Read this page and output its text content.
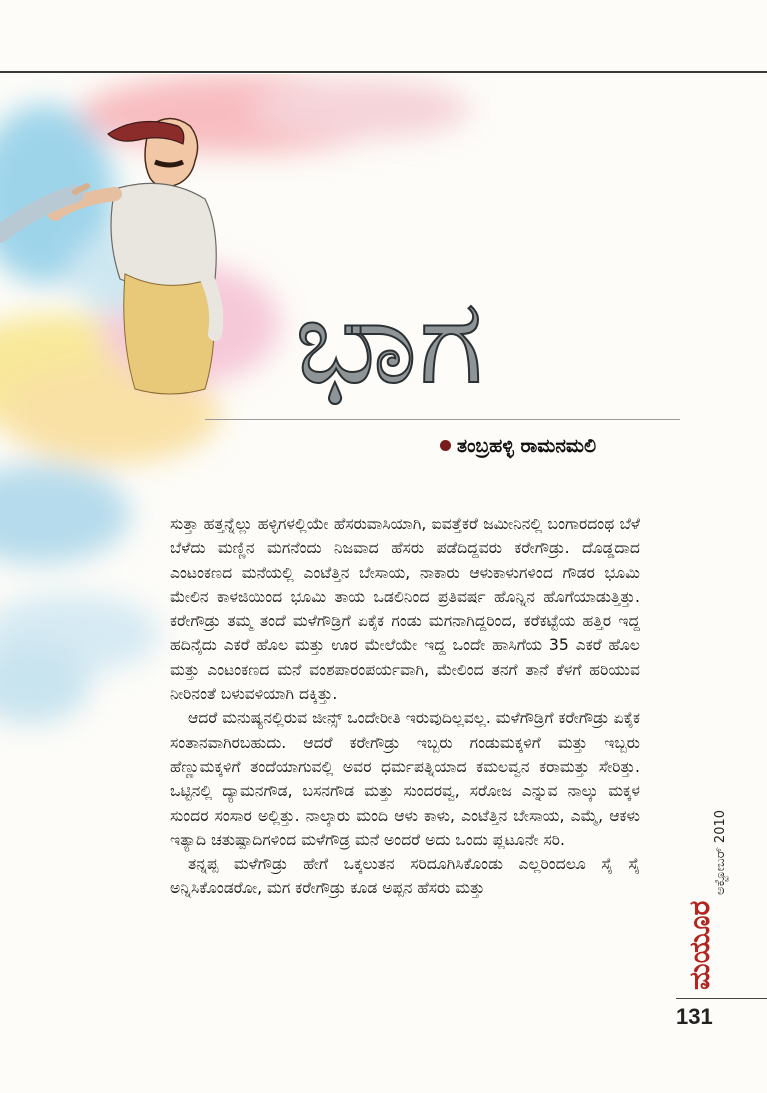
ಭಾಗ
ತಂಬ್ರಹಳ್ಳಿ ರಾಮನಮಲಿ

ಸುತ್ತಾ ಹತ್ತನ್ನೆಲ್ಲು ಹಳ್ಳಿಗಳಲ್ಲಿಯೇ ಹೆಸರುವಾಸಿಯಾಗಿ, ಐವತ್ತೆಕರೆ ಜಮೀನಿನಲ್ಲಿ ಬಂಗಾರದಂಥ ಬೆಳೆ ಬೆಳೆದು ಮಣ್ಣಿನ ಮಗನೆಂದು ನಿಜವಾದ ಹೆಸರು ಪಡೆದಿದ್ದವರು ಕರೇಗೌಡ್ರು. ದೊಡ್ಡದಾದ ಎಂಟಂಕಣದ ಮನೆಯಲ್ಲಿ ಎಂಟೆತ್ತಿನ ಬೇಸಾಯ, ನಾಕಾರು ಆಳುಕಾಳುಗಳಿಂದ ಗೌಡರ ಭೂಮಿ ಮೇಲಿನ ಕಾಳಜಿಯಿಂದ ಭೂಮಿ ತಾಯ ಒಡಲಿನಿಂದ ಪ್ರತಿವರ್ಷ ಹೊನ್ನಿನ ಹೊಗೆಯಾಡುತ್ತಿತ್ತು. ಕರೇಗೌಡ್ರು ತಮ್ಮ ತಂದೆ ಮಳೆಗೌಡ್ರಿಗೆ ಏಕೈಕ ಗಂಡು ಮಗನಾಗಿದ್ದರಿಂದ, ಕರೆಕಟ್ಟೆಯ ಹತ್ತಿರ ಇದ್ದ ಹದಿನೈದು ಎಕರೆ ಹೊಲ ಮತ್ತು ಊರ ಮೇಲೆಯೇ ಇದ್ದ ಒಂದೇ ಹಾಸಿಗೆಯ 35 ಎಕರೆ ಹೊಲ ಮತ್ತು ಎಂಟಂಕಣದ ಮನೆ ವಂಶಪಾರಂಪರ್ಯವಾಗಿ, ಮೇಲಿಂದ ತನಗೆ ತಾನೆ ಕೆಳಗೆ ಹರಿಯುವ ನೀರಿನಂತೆ ಬಳುವಳಿಯಾಗಿ ದಕ್ಕಿತ್ತು.

ಆದರೆ ಮನುಷ್ಯನಲ್ಲಿರುವ ಜೀನ್ಸ್ ಒಂದೇರೀತಿ ಇರುವುದಿಲ್ಲವಲ್ಲ. ಮಳೆಗೌಡ್ರಿಗೆ ಕರೇಗೌಡ್ರು ಏಕೈಕ ಸಂತಾನವಾಗಿರಬಹುದು. ಆದರೆ ಕರೇಗೌಡ್ರು ಇಬ್ಬರು ಗಂಡುಮಕ್ಕಳಿಗೆ ಮತ್ತು ಇಬ್ಬರು ಹೆಣ್ಣುಮಕ್ಕಳಿಗೆ ತಂದೆಯಾಗುವಲ್ಲಿ ಅವರ ಧರ್ಮಪತ್ನಿಯಾದ ಕಮಲವ್ವನ ಕರಾಮತ್ತು ಸೇರಿತ್ತು. ಒಟ್ಟಿನಲ್ಲಿ ದ್ಯಾಮನಗೌಡ, ಬಸನಗೌಡ ಮತ್ತು ಸುಂದರವ್ವ, ಸರೋಜ ಎನ್ನುವ ನಾಲ್ಕು ಮಕ್ಕಳ ಸುಂದರ ಸಂಸಾರ ಅಲ್ಲಿತ್ತು. ನಾಲ್ಕಾರು ಮಂದಿ ಆಳು ಕಾಳು, ಎಂಟೆತ್ತಿನ ಬೇಸಾಯ, ಎಮ್ಮೆ, ಆಕಳು ಇತ್ಯಾದಿ ಚತುಷ್ಪಾದಿಗಳಿಂದ ಮಳೆಗೌಡ್ರ ಮನೆ ಅಂದರೆ ಅದು ಒಂದು ಪ್ಲಟೂನೇ ಸರಿ.

ತನ್ನಪ್ಪ ಮಳೆಗೌಡ್ರು ಹೇಗೆ ಒಕ್ಕಲುತನ ಸರಿದೂಗಿಸಿಕೊಂಡು ಎಲ್ಲರಿಂದಲೂ ಸೈ ಸೈ ಅನ್ನಿಸಿಕೊಂಡರೋ, ಮಗ ಕರೇಗೌಡ್ರು ಕೂಡ ಅಪ್ಪನ ಹೆಸರು ಮತ್ತು

ಮಯೂರ
ಅಕ್ಟೋಬರ್ 2010
131
